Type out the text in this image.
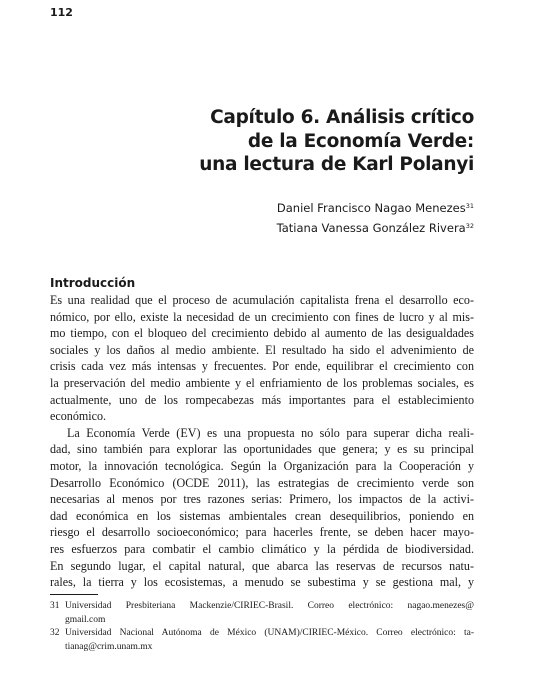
112
Capítulo 6. Análisis crítico
de la Economía Verde:
una lectura de Karl Polanyi
Daniel Francisco Nagao Menezes$^{31}$
Tatiana Vanessa González Rivera$^{32}$
Introducción
Es una realidad que el proceso de acumulación capitalista frena el desarrollo eco-
nómico, por ello, existe la necesidad de un crecimiento con fines de lucro y al mis-
mo tiempo, con el bloqueo del crecimiento debido al aumento de las desigualdades
sociales y los daños al medio ambiente. El resultado ha sido el advenimiento de
crisis cada vez más intensas y frecuentes. Por ende, equilibrar el crecimiento con
la preservación del medio ambiente y el enfriamiento de los problemas sociales, es
actualmente, uno de los rompecabezas más importantes para el establecimiento
económico.
La Economía Verde (EV) es una propuesta no sólo para superar dicha reali-
dad, sino también para explorar las oportunidades que genera; y es su principal
motor, la innovación tecnológica. Según la Organización para la Cooperación y
Desarrollo Económico (OCDE 2011), las estrategias de crecimiento verde son
necesarias al menos por tres razones serias: Primero, los impactos de la activi-
dad económica en los sistemas ambientales crean desequilibrios, poniendo en
riesgo el desarrollo socioeconómico; para hacerles frente, se deben hacer mayo-
res esfuerzos para combatir el cambio climático y la pérdida de biodiversidad.
En segundo lugar, el capital natural, que abarca las reservas de recursos natu-
rales, la tierra y los ecosistemas, a menudo se subestima y se gestiona mal, y
31 Universidad Presbiteriana Mackenzie/CIRIEC-Brasil. Correo electrónico: nagao.menezes@
gmail.com
32 Universidad Nacional Autónoma de México (UNAM)/CIRIEC-México. Correo electrónico: ta-
tianag@crim.unam.mx
